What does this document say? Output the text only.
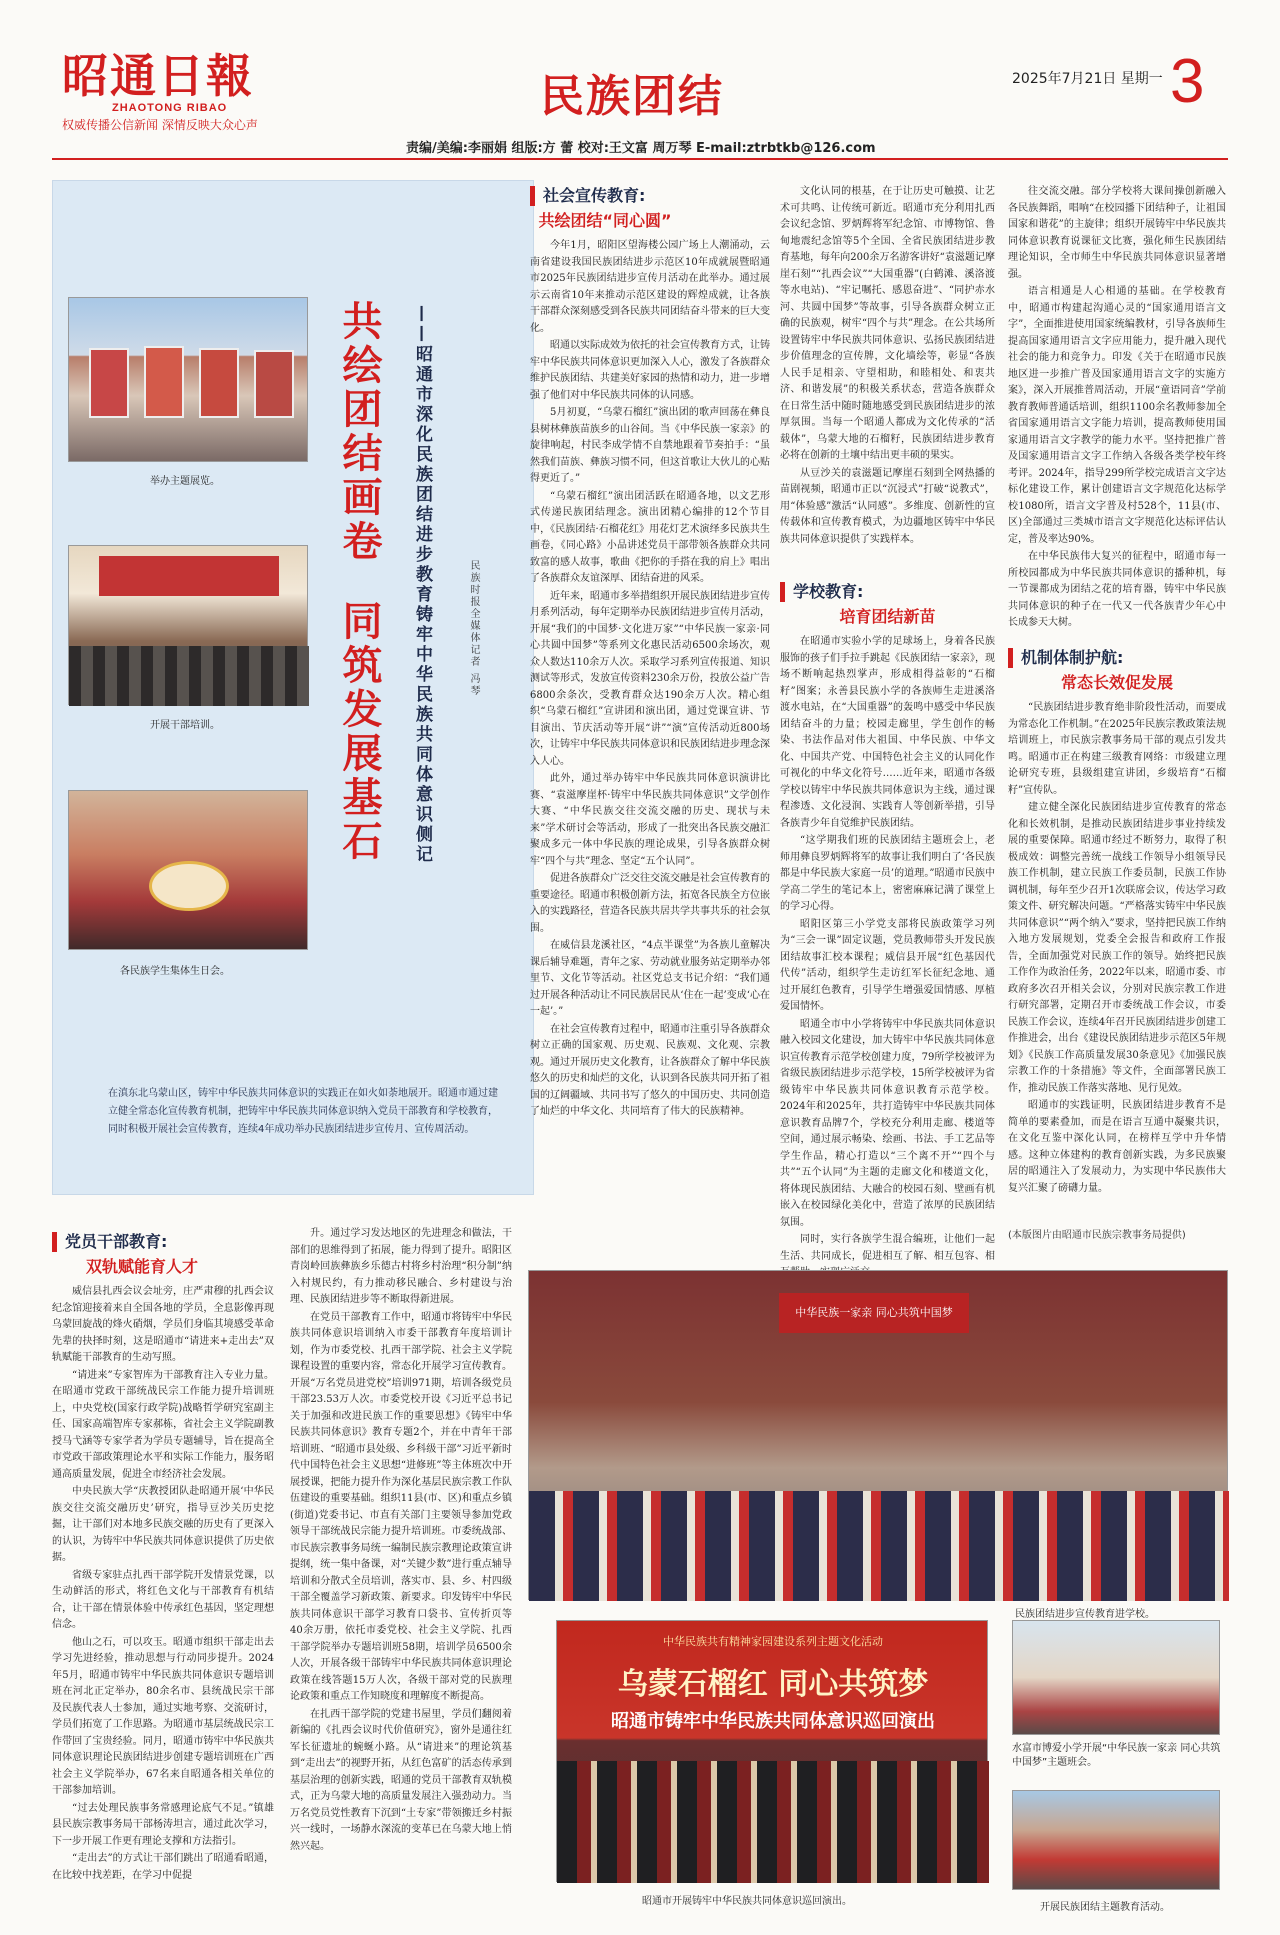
昭通日報
ZHAOTONG RIBAO
权威传播公信新闻 深情反映大众心声
民族团结	2025年7月21日 星期一 3
责编/美编:李丽娟 组版:方 蕾 校对:王文富 周万琴 E-mail:ztrbtkb@126.com
共绘团结画卷
同筑发展基石 ——昭通市深化民族团结进步教育铸牢中华民族共同体意识侧记	民族时报全媒体记者 冯琴
举办主题展览。
开展干部培训。
各民族学生集体生日会。
在滇东北乌蒙山区，铸牢中华民族共同体意识的实践正在如火如荼地展开。昭通市通过建立健全常态化宣传教育机制，把铸牢中华民族共同体意识纳入党员干部教育和学校教育，同时积极开展社会宣传教育，连续4年成功举办民族团结进步宣传月、宣传周活动。
社会宣传教育:
共绘团结“同心圆”

今年1月，昭阳区望海楼公园广场上人潮涌动，云南省建设我国民族团结进步示范区10年成就展暨昭通市2025年民族团结进步宣传月活动在此举办。通过展示云南省10年来推动示范区建设的辉煌成就，让各族干部群众深刻感受到各民族共同团结奋斗带来的巨大变化。

昭通以实际成效为依托的社会宣传教育方式，让铸牢中华民族共同体意识更加深入人心，激发了各族群众维护民族团结、共建美好家园的热情和动力，进一步增强了他们对中华民族共同体的认同感。

5月初夏，“乌蒙石榴红”演出团的歌声回荡在彝良县树林彝族苗族乡的山谷间。当《中华民族一家亲》的旋律响起，村民李成学情不自禁地跟着节奏拍手：“虽然我们苗族、彝族习惯不同，但这首歌让大伙儿的心贴得更近了。”

“乌蒙石榴红”演出团活跃在昭通各地，以文艺形式传递民族团结理念。演出团精心编排的12个节目中，《民族团结·石榴花红》用花灯艺术演绎多民族共生画卷，《同心路》小品讲述党员干部带领各族群众共同致富的感人故事，歌曲《把你的手搭在我的肩上》唱出了各族群众友谊深厚、团结奋进的风采。

近年来，昭通市多举措组织开展民族团结进步宣传月系列活动，每年定期举办民族团结进步宣传月活动，开展“我们的中国梦·文化进万家”“中华民族一家亲·同心共圆中国梦”等系列文化惠民活动6500余场次，观众人数达110余万人次。采取学习系列宣传报道、知识测试等形式，发放宣传资料230余万份，投放公益广告6800余条次，受教育群众达190余万人次。精心组织“乌蒙石榴红”宣讲团和演出团，通过党课宣讲、节目演出、节庆活动等开展“讲”“演”宣传活动近800场次，让铸牢中华民族共同体意识和民族团结进步理念深入人心。

此外，通过举办铸牢中华民族共同体意识演讲比赛、“袁滋摩崖杯·铸牢中华民族共同体意识”文学创作大赛、“中华民族交往交流交融的历史、现状与未来”学术研讨会等活动，形成了一批突出各民族交融汇聚成多元一体中华民族的理论成果，引导各族群众树牢“四个与共”理念、坚定“五个认同”。

促进各族群众广泛交往交流交融是社会宣传教育的重要途径。昭通市积极创新方法，拓宽各民族全方位嵌入的实践路径，营造各民族共居共学共事共乐的社会氛围。

在威信县龙溪社区，“4点半课堂”为各族儿童解决课后辅导难题，青年之家、劳动就业服务站定期举办邻里节、文化节等活动。社区党总支书记介绍：“我们通过开展各种活动让不同民族居民从‘住在一起’变成‘心在一起’。”

在社会宣传教育过程中，昭通市注重引导各族群众树立正确的国家观、历史观、民族观、文化观、宗教观。通过开展历史文化教育，让各族群众了解中华民族悠久的历史和灿烂的文化，认识到各民族共同开拓了祖国的辽阔疆域、共同书写了悠久的中国历史、共同创造了灿烂的中华文化、共同培育了伟大的民族精神。

文化认同的根基，在于让历史可触摸、让艺术可共鸣、让传统可新近。昭通市充分利用扎西会议纪念馆、罗炳辉将军纪念馆、市博物馆、鲁甸地震纪念馆等5个全国、全省民族团结进步教育基地，每年向200余万名游客讲好“袁滋题记摩崖石刻”“扎西会议”“大国重器”(白鹤滩、溪洛渡等水电站)、“牢记嘱托、感恩奋进”、“同护赤水河、共圆中国梦”等故事，引导各族群众树立正确的民族观，树牢“四个与共”理念。在公共场所设置铸牢中华民族共同体意识、弘扬民族团结进步价值理念的宣传牌，文化墙绘等，彰显“各族人民手足相亲、守望相助，和睦相处、和衷共济、和谐发展”的积极关系状态，营造各族群众在日常生活中随时随地感受到民族团结进步的浓厚氛围。当每一个昭通人都成为文化传承的“活载体”，乌蒙大地的石榴籽，民族团结进步教育必将在创新的土壤中结出更丰硕的果实。

从豆沙关的袁滋题记摩崖石刻到全网热播的苗剧视频，昭通市正以“沉浸式”打破“说教式”，用“体验感”激活“认同感”。多维度、创新性的宣传载体和宣传教育模式，为边疆地区铸牢中华民族共同体意识提供了实践样本。

学校教育:
培育团结新苗

在昭通市实验小学的足球场上，身着各民族服饰的孩子们手拉手跳起《民族团结一家亲》，现场不断响起热烈掌声，形成相得益彰的“石榴籽”图案；永善县民族小学的各族师生走进溪洛渡水电站，在“大国重器”的轰鸣中感受中华民族团结奋斗的力量；校园走廊里，学生创作的畅染、书法作品对伟大祖国、中华民族、中华文化、中国共产党、中国特色社会主义的认同化作可视化的中华文化符号……近年来，昭通市各级学校以铸牢中华民族共同体意识为主线，通过课程渗透、文化浸润、实践育人等创新举措，引导各族青少年自觉维护民族团结。

“这学期我们班的民族团结主题班会上，老师用彝良罗炳辉将军的故事让我们明白了‘各民族都是中华民族大家庭一员’的道理。”昭通市民族中学高二学生的笔记本上，密密麻麻记满了课堂上的学习心得。

昭阳区第三小学党支部将民族政策学习列为“三会一课”固定议题，党员教师带头开发民族团结故事汇校本课程；威信县开展“红色基因代代传”活动，组织学生走访红军长征纪念地、通过开展红色教育，引导学生增强爱国情感、厚植爱国情怀。

昭通全市中小学将铸牢中华民族共同体意识融入校园文化建设，加大铸牢中华民族共同体意识宣传教育示范学校创建力度，79所学校被评为省级民族团结进步示范学校，15所学校被评为省级铸牢中华民族共同体意识教育示范学校。2024年和2025年，共打造铸牢中华民族共同体意识教育品牌7个，学校充分利用走廊、楼道等空间，通过展示畅染、绘画、书法、手工艺品等学生作品，精心打造以“三个离不开”“四个与共”“五个认同”为主题的走廊文化和楼道文化，将体现民族团结、大融合的校园石刻、壁画有机嵌入在校园绿化美化中，营造了浓厚的民族团结氛围。

同时，实行各族学生混合编班，让他们一起生活、共同成长，促进相互了解、相互包容、相

往交流交融。部分学校将大课间操创新融入各民族舞蹈，唱响“在校园播下团结种子，让祖国国家和谐花”的主旋律；组织开展铸牢中华民族共同体意识教育说课征文比赛，强化师生民族团结理论知识，全市师生中华民族共同体意识显著增强。

语言相通是人心相通的基础。在学校教育中，昭通市构建起沟通心灵的“国家通用语言文字”，全面推进使用国家统编教材，引导各族师生提高国家通用语言文字应用能力，提升融入现代社会的能力和竞争力。印发《关于在昭通市民族地区进一步推广普及国家通用语言文字的实施方案》，深入开展推普周活动，开展“童语同音”学前教育教师普通话培训，组织1100余名教师参加全省国家通用语言文字能力培训，提高教师使用国家通用语言文字教学的能力水平。坚持把推广普及国家通用语言文字工作纳入各级各类学校年终考评。2024年，指导299所学校完成语言文字达标化建设工作，累计创建语言文字规范化达标学校1080所，语言文字普及村528个，11县(市、区)全部通过三类城市语言文字规范化达标评估认定，普及率达90%。

在中华民族伟大复兴的征程中，昭通市每一所校园都成为中华民族共同体意识的播种机，每一节课都成为团结之花的培育器，铸牢中华民族共同体意识的种子在一代又一代各族青少年心中长成参天大树。

机制体制护航:
常态长效促发展

“民族团结进步教育绝非阶段性活动，而要成为常态化工作机制。”在2025年民族宗教政策法规培训班上，市民族宗教事务局干部的观点引发共鸣。昭通市正在构建三级教育网络：市级建立理论研究专班，县级组建宣讲团，乡级培育“石榴籽”宣传队。

建立健全深化民族团结进步宣传教育的常态化和长效机制，是推动民族团结进步事业持续发展的重要保障。昭通市经过不断努力，取得了积极成效：调整完善统一战线工作领导小组领导民族工作机制，建立民族工作委员制，民族工作协调机制，每年至少召开1次联席会议，传达学习政策文件、研究解决问题。“严格落实铸牢中华民族共同体意识”“两个纳入”要求，坚持把民族工作纳入地方发展规划，党委全会报告和政府工作报告，全面加强党对民族工作的领导。始终把民族工作作为政治任务，2022年以来，昭通市委、市政府多次召开相关会议，分别对民族宗教工作进行研究部署，定期召开市委统战工作会议，市委民族工作会议，连续4年召开民族团结进步创建工作推进会，出台《建设民族团结进步示范区5年规划》《民族工作高质量发展30条意见》《加强民族宗教工作的十条措施》等文件，全面部署民族工作，推动民族工作落实落地、见行见效。

昭通市的实践证明，民族团结进步教育不是简单的要素叠加，而是在语言互通中凝聚共识，在文化互鉴中深化认同，在榜样互学中升华情感。这种立体建构的教育创新实践，为多民族聚居的昭通注入了发展动力，为实现中华民族伟大复兴汇聚了磅礴力量。

(本版图片由昭通市民族宗教事务局提供)
党员干部教育:
双轨赋能育人才

威信县扎西会议会址旁，庄严肃穆的扎西会议纪念馆迎接着来自全国各地的学员，全息影像再现乌蒙回旋战的烽火硝烟，学员们身临其境感受革命先辈的抉择时刻，这是昭通市“请进来+走出去”双轨赋能干部教育的生动写照。

“请进来”专家智库为干部教育注入专业力量。在昭通市党政干部统战民宗工作能力提升培训班上，中央党校(国家行政学院)战略哲学研究室副主任、国家高端智库专家郝栋，省社会主义学院副教授马弋涵等专家学者为学员专题辅导，旨在提高全市党政干部政策理论水平和实际工作能力，服务昭通高质量发展，促进全市经济社会发展。

中央民族大学“庆教授团队赴昭通开展‘中华民族交往交流交融历史’研究，指导豆沙关历史挖掘，让干部们对本地多民族交融的历史有了更深入的认识，为铸牢中华民族共同体意识提供了历史依据。

省级专家驻点扎西干部学院开发情景党课，以生动鲜活的形式，将红色文化与干部教育有机结合，让干部在情景体验中传承红色基因，坚定理想信念。

他山之石，可以攻玉。昭通市组织干部走出去学习先进经验，推动思想与行动同步提升。2024年5月，昭通市铸牢中华民族共同体意识专题培训班在河北正定举办，80余名市、县统战民宗干部及民族代表人士参加，通过实地考察、交流研讨，学员们拓宽了工作思路。为昭通市基层统战民宗工作带回了宝贵经验。同月，昭通市铸牢中华民族共同体意识理论民族团结进步创建专题培训班在广西社会主义学院举办，67名来自昭通各相关单位的干部参加培训。

“过去处理民族事务常感理论底气不足。”镇雄县民族宗教事务局干部杨涛坦言，通过此次学习，下一步开展工作更有理论支撑和方法指引。

“走出去”的方式让干部们跳出了昭通看昭通，在比较中找差距，在学习中促提

升。通过学习发达地区的先进理念和做法，干部们的思维得到了拓展，能力得到了提升。昭阳区青岗岭回族彝族乡乐德古村将乡村治理“积分制”纳入村规民约，有力推动移民融合、乡村建设与治理、民族团结进步等不断取得新进展。

在党员干部教育工作中，昭通市将铸牢中华民族共同体意识培训纳入市委干部教育年度培训计划，作为市委党校、扎西干部学院、社会主义学院课程设置的重要内容，常态化开展学习宣传教育。开展“万名党员进党校”培训971期，培训各级党员干部23.53万人次。市委党校开设《习近平总书记关于加强和改进民族工作的重要思想》《铸牢中华民族共同体意识》教育专题2个，并在中青年干部培训班、“昭通市县处级、乡科级干部”习近平新时代中国特色社会主义思想“进修班”等主体班次中开展授课，把能力提升作为深化基层民族宗教工作队伍建设的重要基础。组织11县(市、区)和重点乡镇(街道)党委书记、市直有关部门主要领导参加党政领导干部统战民宗能力提升培训班。市委统战部、市民族宗教事务局统一编制民族宗教理论政策宣讲提纲，统一集中备课，对“关键少数”进行重点辅导培训和分散式全员培训，落实市、县、乡、村四级干部全覆盖学习新政策、新要求。印发铸牢中华民族共同体意识干部学习教育口袋书、宣传折页等40余万册，依托市委党校、社会主义学院、扎西干部学院举办专题培训班58期，培训学员6500余人次，开展各级干部铸牢中华民族共同体意识理论政策在线答题15万人次，各级干部对党的民族理论政策和重点工作知晓度和理解度不断提高。

在扎西干部学院的党建书屋里，学员们翻阅着新编的《扎西会议时代价值研究》，窗外是通往红军长征遗址的蜿蜒小路。从“请进来”的理论筑基到“走出去”的视野开拓，从红色富矿的活态传承到基层治理的创新实践，昭通的党员干部教育双轨模式，正为乌蒙大地的高质量发展注入强劲动力。当万名党员党性教育下沉到“土专家”带领搬迁乡村振兴一线时，一场静水深流的变革已在乌蒙大地上悄然兴起。

中华民族一家亲 同心共筑中国梦
民族团结进步宣传教育进学校。
中华民族共有精神家园建设系列主题文化活动
乌蒙石榴红 同心共筑梦
昭通市铸牢中华民族共同体意识巡回演出
昭通市开展铸牢中华民族共同体意识巡回演出。
水富市博爱小学开展“中华民族一家亲 同心共筑中国梦”主题班会。
开展民族团结主题教育活动。
